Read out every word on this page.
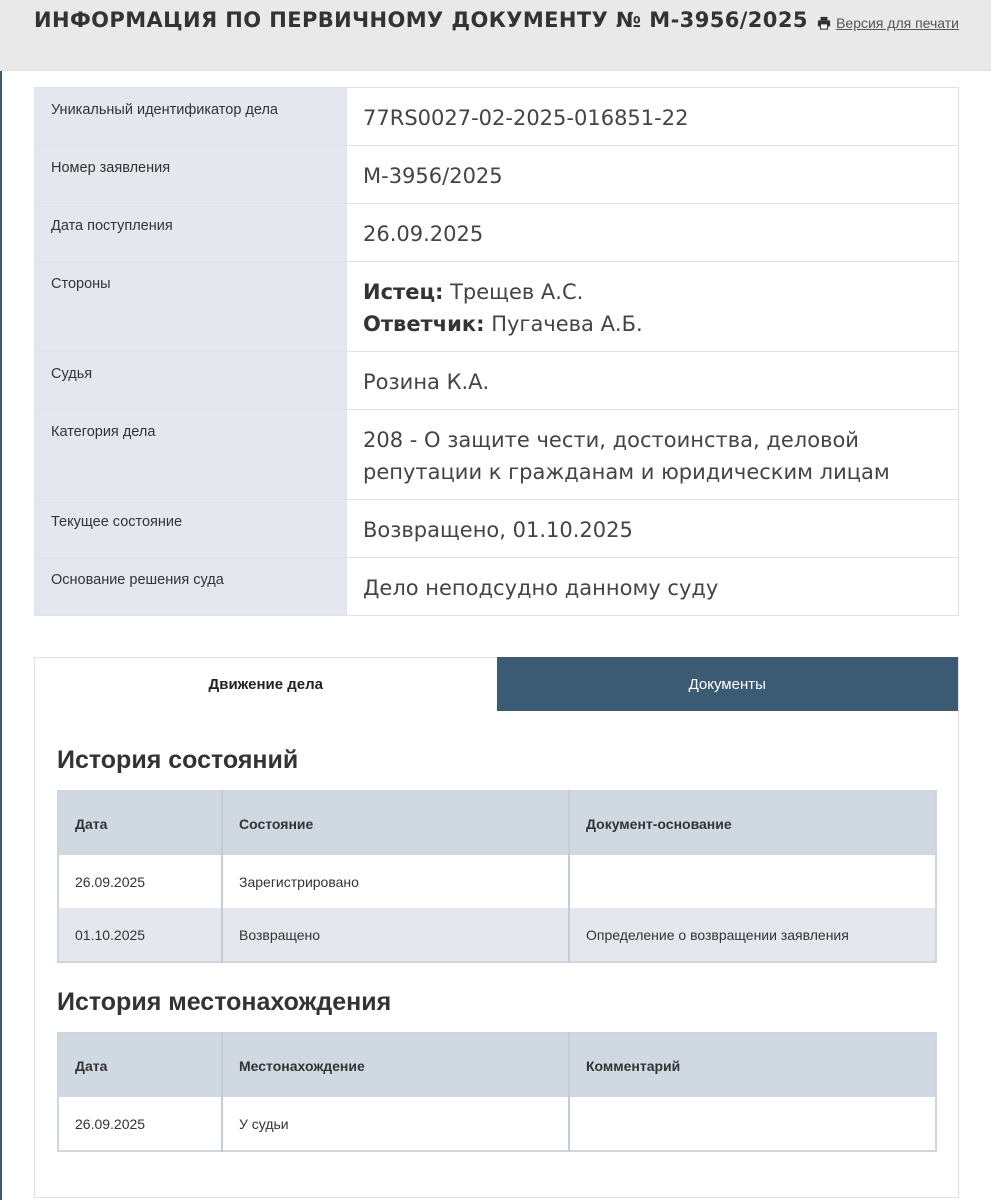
ИНФОРМАЦИЯ ПО ПЕРВИЧНОМУ ДОКУМЕНТУ № М-3956/2025 Версия для печати
Уникальный идентификатор дела	77RS0027-02-2025-016851-22
Номер заявления	М-3956/2025
Дата поступления	26.09.2025
Стороны	Истец: Трещев А.С.
Ответчик: Пугачева А.Б.

Судья	Розина К.А.
Категория дела	208 - О защите чести, достоинства, деловой репутации к гражданам и юридическим лицам
Текущее состояние	Возвращено, 01.10.2025
Основание решения суда	Дело неподсудно данному суду
Движение дела	Документы
История состояний
Дата	Состояние	Документ-основание
26.09.2025	Зарегистрировано	
01.10.2025	Возвращено	Определение о возвращении заявления
История местонахождения
Дата	Местонахождение	Комментарий
26.09.2025	У судьи	
